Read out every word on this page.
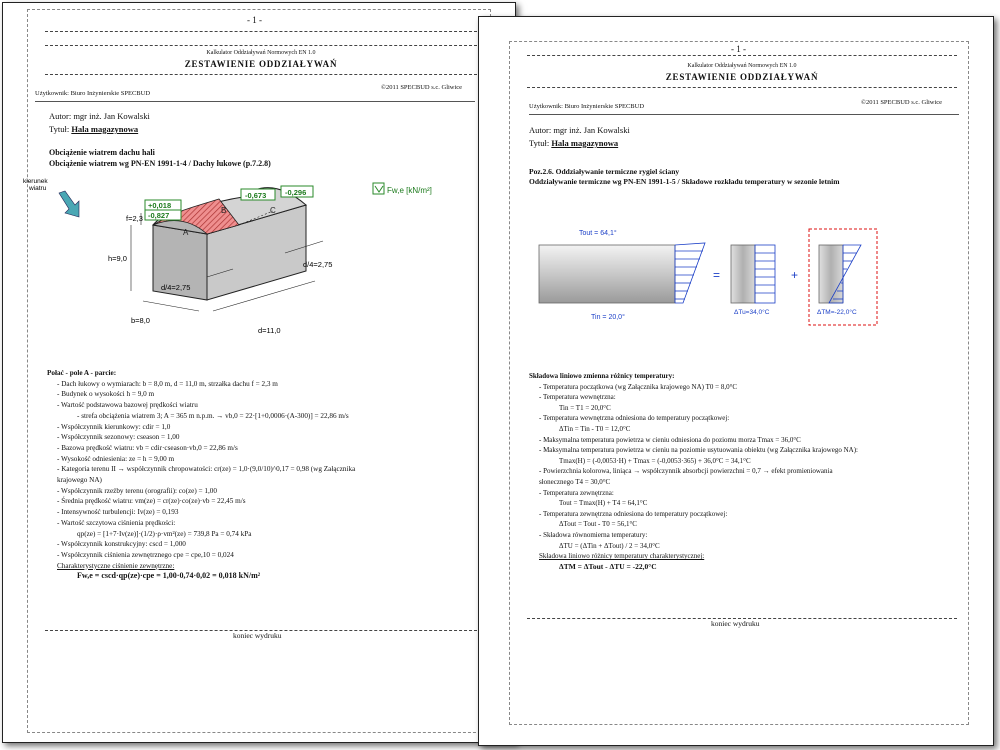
- 1 -
Kalkulator Oddziaływań Normowych EN 1.0
ZESTAWIENIE ODDZIAŁYWAŃ
©2011 SPECBUD s.c. Gliwice
Użytkownik: Biuro Inżynierskie SPECBUD
Autor: mgr inż. Jan Kowalski
Tytuł: Hala magazynowa
Obciążenie wiatrem dachu hali
Obciążenie wiatrem wg PN-EN 1991-1-4 / Dachy łukowe (p.7.2.8)
kierunek
wiatru
A
B	C
+0,018
-0,827
-0,673 -0,296
h=9,0
f=2,3
b=8,0
d=11,0
d/4=2,75
d/4=2,75
Fw,e [kN/m²]
Połać - pole A - parcie:
- Dach łukowy o wymiarach: b = 8,0 m, d = 11,0 m, strzałka dachu f = 2,3 m
- Budynek o wysokości h = 9,0 m
- Wartość podstawowa bazowej prędkości wiatru
- strefa obciążenia wiatrem 3; A = 365 m n.p.m. → vb,0 = 22·[1+0,0006·(A-300)] = 22,86 m/s
- Współczynnik kierunkowy: cdir = 1,0
- Współczynnik sezonowy: cseason = 1,00
- Bazowa prędkość wiatru: vb = cdir·cseason·vb,0 = 22,86 m/s
- Wysokość odniesienia: ze = h = 9,00 m
- Kategoria terenu II → współczynnik chropowatości: cr(ze) = 1,0·(9,0/10)^0,17 = 0,98 (wg Załącznika
krajowego NA)
- Współczynnik rzeźby terenu (orografii): co(ze) = 1,00
- Średnia prędkość wiatru: vm(ze) = cr(ze)·co(ze)·vb = 22,45 m/s
- Intensywność turbulencji: Iv(ze) = 0,193
- Wartość szczytowa ciśnienia prędkości:
qp(ze) = [1+7·Iv(ze)]·(1/2)·ρ·vm²(ze) = 739,8 Pa = 0,74 kPa
- Współczynnik konstrukcyjny: cscd = 1,000
- Współczynnik ciśnienia zewnętrznego cpe = cpe,10 = 0,024
Charakterystyczne ciśnienie zewnętrzne:
Fw,e = cscd·qp(ze)·cpe = 1,00·0,74·0,02 = 0,018 kN/m²
koniec wydruku
- 1 -
Kalkulator Oddziaływań Normowych EN 1.0
ZESTAWIENIE ODDZIAŁYWAŃ
©2011 SPECBUD s.c. Gliwice
Użytkownik: Biuro Inżynierskie SPECBUD
Autor: mgr inż. Jan Kowalski
Tytuł: Hala magazynowa
Poz.2.6. Oddziaływanie termiczne rygiel ściany
Oddziaływanie termiczne wg PN-EN 1991-1-5 / Składowe rozkładu temperatury w sezonie letnim
Tout = 64,1°
Tin = 20,0°
=
ΔTu=34,0°C
+
ΔTM=-22,0°C
Składowa liniowo zmienna różnicy temperatury:
- Temperatura początkowa (wg Załącznika krajowego NA) T0 = 8,0°C
- Temperatura wewnętrzna:
Tin = T1 = 20,0°C
- Temperatura wewnętrzna odniesiona do temperatury początkowej:
ΔTin = Tin - T0 = 12,0°C
- Maksymalna temperatura powietrza w cieniu odniesiona do poziomu morza Tmax = 36,0°C
- Maksymalna temperatura powietrza w cieniu na poziomie usytuowania obiektu (wg Załącznika krajowego NA):
Tmax(H) = (-0,0053·H) + Tmax = (-0,0053·365) + 36,0°C = 34,1°C
- Powierzchnia kolorowa, liniąca → współczynnik absorbcji powierzchni = 0,7 → efekt promieniowania
słonecznego T4 = 30,0°C
- Temperatura zewnętrzna:
Tout = Tmax(H) + T4 = 64,1°C
- Temperatura zewnętrzna odniesiona do temperatury początkowej:
ΔTout = Tout - T0 = 56,1°C
- Składowa równomierna temperatury:
ΔTU = (ΔTin + ΔTout) / 2 = 34,0°C
Składowa liniowo różnicy temperatury charakterystycznej:
ΔTM = ΔTout - ΔTU = -22,0°C
koniec wydruku
